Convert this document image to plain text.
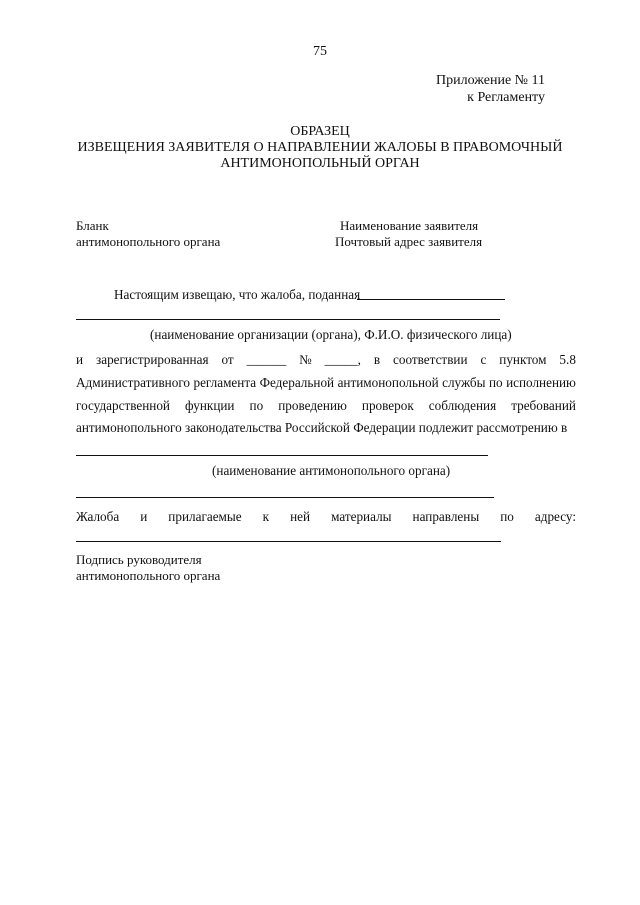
75
Приложение № 11
к Регламенту
ОБРАЗЕЦ
ИЗВЕЩЕНИЯ ЗАЯВИТЕЛЯ О НАПРАВЛЕНИИ ЖАЛОБЫ В ПРАВОМОЧНЫЙ
АНТИМОНОПОЛЬНЫЙ ОРГАН
Бланк
антимонопольного органа
Наименование заявителя
Почтовый адрес заявителя
Настоящим извещаю, что жалоба, поданная
(наименование организации (органа), Ф.И.О. физического лица)
и зарегистрированная от ______ № _____, в соответствии с пунктом 5.8
Административного регламента Федеральной антимонопольной службы по исполнению
государственной функции по проведению проверок соблюдения требований
антимонопольного законодательства Российской Федерации подлежит рассмотрению в
(наименование антимонопольного органа)
Жалоба и прилагаемые к ней материалы направлены по адресу:
Подпись руководителя
антимонопольного органа
